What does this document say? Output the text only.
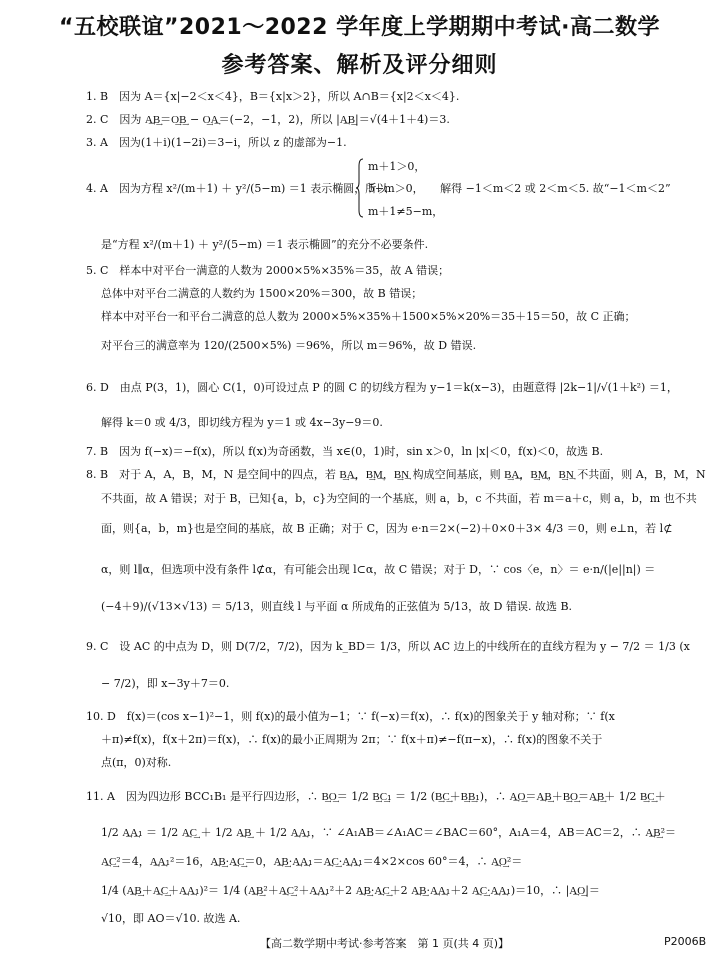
“五校联谊”2021～2022 学年度上学期期中考试·高二数学
参考答案、解析及评分细则
1. B　因为 A＝{x|−2＜x＜4}，B＝{x|x＞2}，所以 A∩B＝{x|2＜x＜4}.
2. C　因为 A͢B͢＝O͢B͢ − O͢A͢＝(−2，−1，2)，所以 |A͢B͢|＝√(4＋1＋4)＝3.
3. A　因为(1＋i)(1−2i)＝3−i，所以 z 的虚部为−1.
m＋1＞0，
4. A　因为方程 x²/(m＋1) ＋ y²/(5−m) ＝1 表示椭圆，所以
5−m＞0，　　解得 −1＜m＜2 或 2＜m＜5. 故“−1＜m＜2”
m＋1≠5−m，
是“方程 x²/(m＋1) ＋ y²/(5−m) ＝1 表示椭圆”的充分不必要条件.
5. C　样本中对平台一满意的人数为 2000×5%×35%＝35，故 A 错误；
总体中对平台二满意的人数约为 1500×20%＝300，故 B 错误；
样本中对平台一和平台二满意的总人数为 2000×5%×35%＋1500×5%×20%＝35＋15＝50，故 C 正确；
对平台三的满意率为 120/(2500×5%) ＝96%，所以 m＝96%，故 D 错误.
6. D　由点 P(3，1)，圆心 C(1，0)可设过点 P 的圆 C 的切线方程为 y−1＝k(x−3)，由题意得 |2k−1|/√(1＋k²) ＝1，
解得 k＝0 或 4/3，即切线方程为 y＝1 或 4x−3y−9＝0.
7. B　因为 f(−x)＝−f(x)，所以 f(x)为奇函数，当 x∈(0，1)时，sin x＞0，ln |x|＜0，f(x)＜0，故选 B.
8. B　对于 A，A，B，M，N 是空间中的四点，若 B͢A͢，B͢M͢，B͢N͢ 构成空间基底，则 B͢A͢，B͢M͢，B͢N͢ 不共面，则 A，B，M，N
不共面，故 A 错误；对于 B，已知{a，b，c}为空间的一个基底，则 a，b，c 不共面，若 m＝a＋c，则 a，b，m 也不共
面，则{a，b，m}也是空间的基底，故 B 正确；对于 C，因为 e·n＝2×(−2)＋0×0＋3× 4/3 ＝0，则 e⊥n，若 l⊄
α，则 l∥α，但选项中没有条件 l⊄α，有可能会出现 l⊂α，故 C 错误；对于 D，∵ cos〈e，n〉＝ e·n/(|e||n|) ＝
(−4＋9)/(√13×√13) ＝ 5/13，则直线 l 与平面 α 所成角的正弦值为 5/13，故 D 错误. 故选 B.
9. C　设 AC 的中点为 D，则 D(7/2，7/2)，因为 k_BD＝ 1/3，所以 AC 边上的中线所在的直线方程为 y − 7/2 ＝ 1/3 (x
− 7/2)，即 x−3y＋7＝0.
10. D　f(x)＝(cos x−1)²−1，则 f(x)的最小值为−1；∵ f(−x)＝f(x)，∴ f(x)的图象关于 y 轴对称；∵ f(x
＋π)≠f(x)，f(x＋2π)＝f(x)，∴ f(x)的最小正周期为 2π；∵ f(x＋π)≠−f(π−x)，∴ f(x)的图象不关于
点(π，0)对称.
11. A　因为四边形 BCC₁B₁ 是平行四边形，∴ B͢O͢＝ 1/2 B͢C͢₁ ＝ 1/2 (B͢C͢＋B͢B͢₁)，∴ A͢O͢＝A͢B͢＋B͢O͢＝A͢B͢＋ 1/2 B͢C͢＋
1/2 A͢A͢₁ ＝ 1/2 A͢C͢ ＋ 1/2 A͢B͢ ＋ 1/2 A͢A͢₁，∵ ∠A₁AB＝∠A₁AC＝∠BAC＝60°，A₁A＝4，AB＝AC＝2，∴ A͢B͢²＝
A͢C͢²＝4，A͢A͢₁²＝16，A͢B͢·A͢C͢＝0，A͢B͢·A͢A͢₁＝A͢C͢·A͢A͢₁＝4×2×cos 60°＝4，∴ A͢O͢²＝
1/4 (A͢B͢＋A͢C͢＋A͢A͢₁)²＝ 1/4 (A͢B͢²＋A͢C͢²＋A͢A͢₁²＋2 A͢B͢·A͢C͢＋2 A͢B͢·A͢A͢₁＋2 A͢C͢·A͢A͢₁)＝10，∴ |A͢O͢|＝
√10，即 AO＝√10. 故选 A.
【高二数学期中考试·参考答案　第 1 页(共 4 页)】	P2006B
